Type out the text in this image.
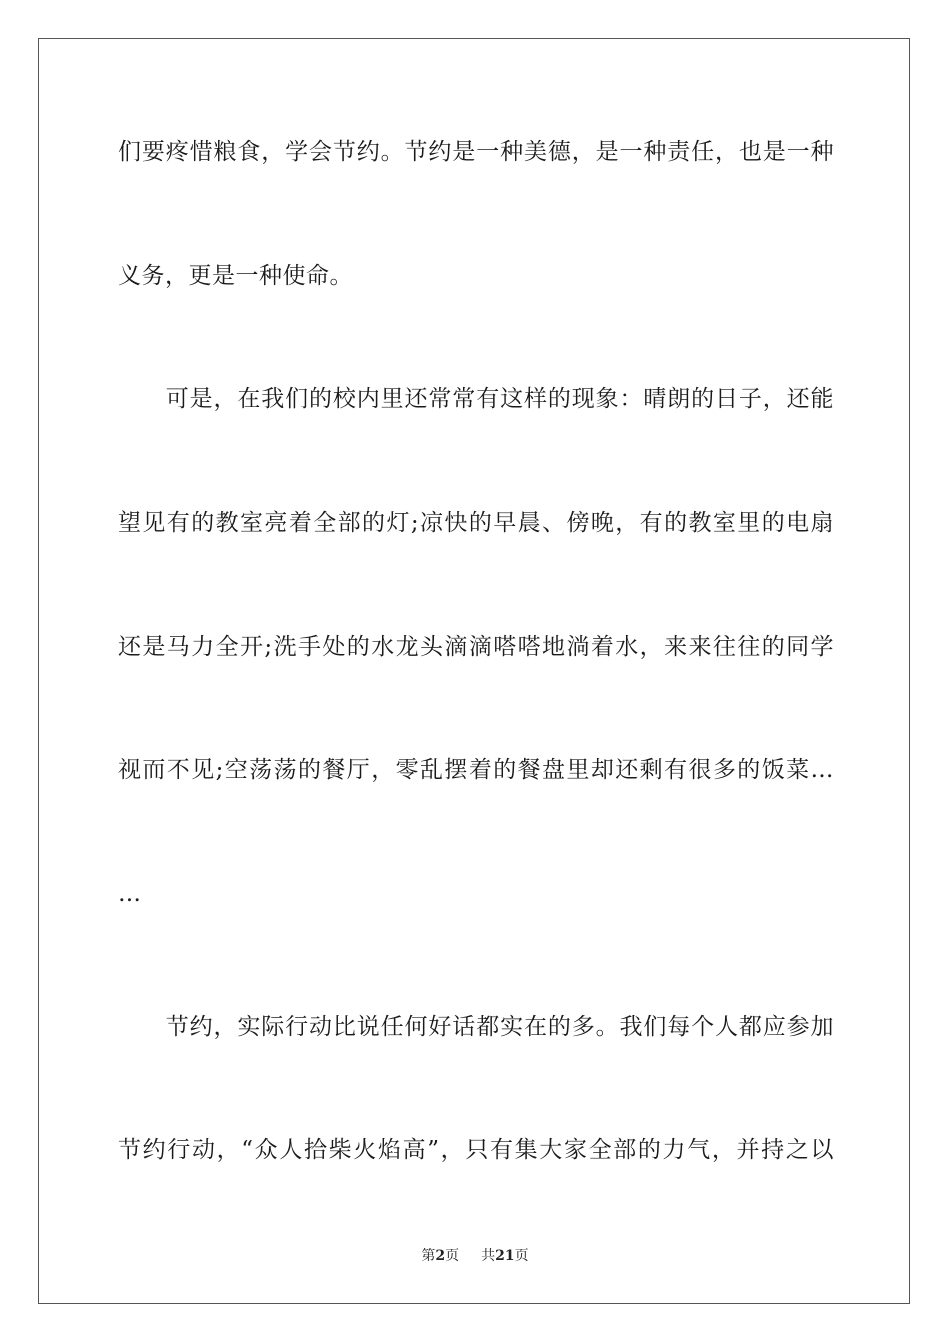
们要疼惜粮食，学会节约。节约是一种美德，是一种责任，也是一种
义务，更是一种使命。
　　可是，在我们的校内里还常常有这样的现象：晴朗的日子，还能
望见有的教室亮着全部的灯;凉快的早晨、傍晚，有的教室里的电扇
还是马力全开;洗手处的水龙头滴滴嗒嗒地淌着水，来来往往的同学
视而不见;空荡荡的餐厅，零乱摆着的餐盘里却还剩有很多的饭菜…
…
　　节约，实际行动比说任何好话都实在的多。我们每个人都应参加
节约行动，“众人拾柴火焰高”，只有集大家全部的力气，并持之以
第2页 共21页
